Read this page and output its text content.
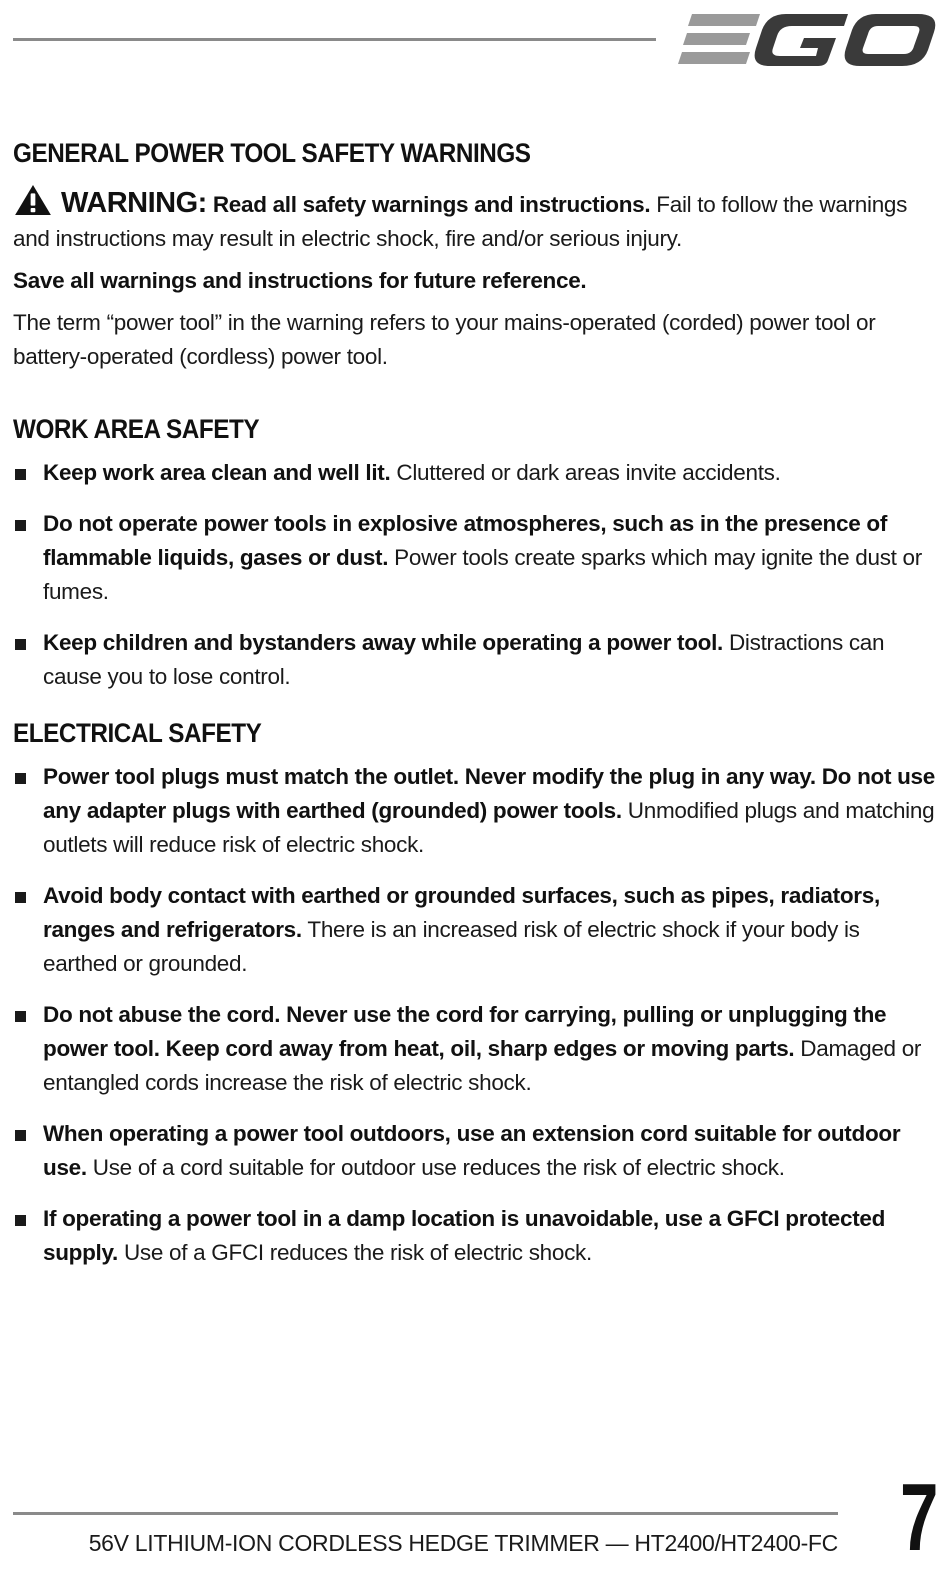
GENERAL POWER TOOL SAFETY WARNINGS

WARNING: Read all safety warnings and instructions. Fail to follow the warnings and instructions may result in electric shock, fire and/or serious injury.

Save all warnings and instructions for future reference.

The term “power tool” in the warning refers to your mains-operated (corded) power tool or battery-operated (cordless) power tool.

WORK AREA SAFETY
Keep work area clean and well lit. Cluttered or dark areas invite accidents.
Do not operate power tools in explosive atmospheres, such as in the presence of flammable liquids, gases or dust. Power tools create sparks which may ignite the dust or fumes.
Keep children and bystanders away while operating a power tool. Distractions can cause you to lose control.
ELECTRICAL SAFETY
Power tool plugs must match the outlet. Never modify the plug in any way. Do not use any adapter plugs with earthed (grounded) power tools. Unmodified plugs and matching outlets will reduce risk of electric shock.
Avoid body contact with earthed or grounded surfaces, such as pipes, radiators, ranges and refrigerators. There is an increased risk of electric shock if your body is earthed or grounded.
Do not abuse the cord. Never use the cord for carrying, pulling or unplugging the power tool. Keep cord away from heat, oil, sharp edges or moving parts. Damaged or entangled cords increase the risk of electric shock.
When operating a power tool outdoors, use an extension cord suitable for outdoor use. Use of a cord suitable for outdoor use reduces the risk of electric shock.
If operating a power tool in a damp location is unavoidable, use a GFCI protected supply. Use of a GFCI reduces the risk of electric shock.
56V LITHIUM-ION CORDLESS HEDGE TRIMMER — HT2400/HT2400-FC 7
